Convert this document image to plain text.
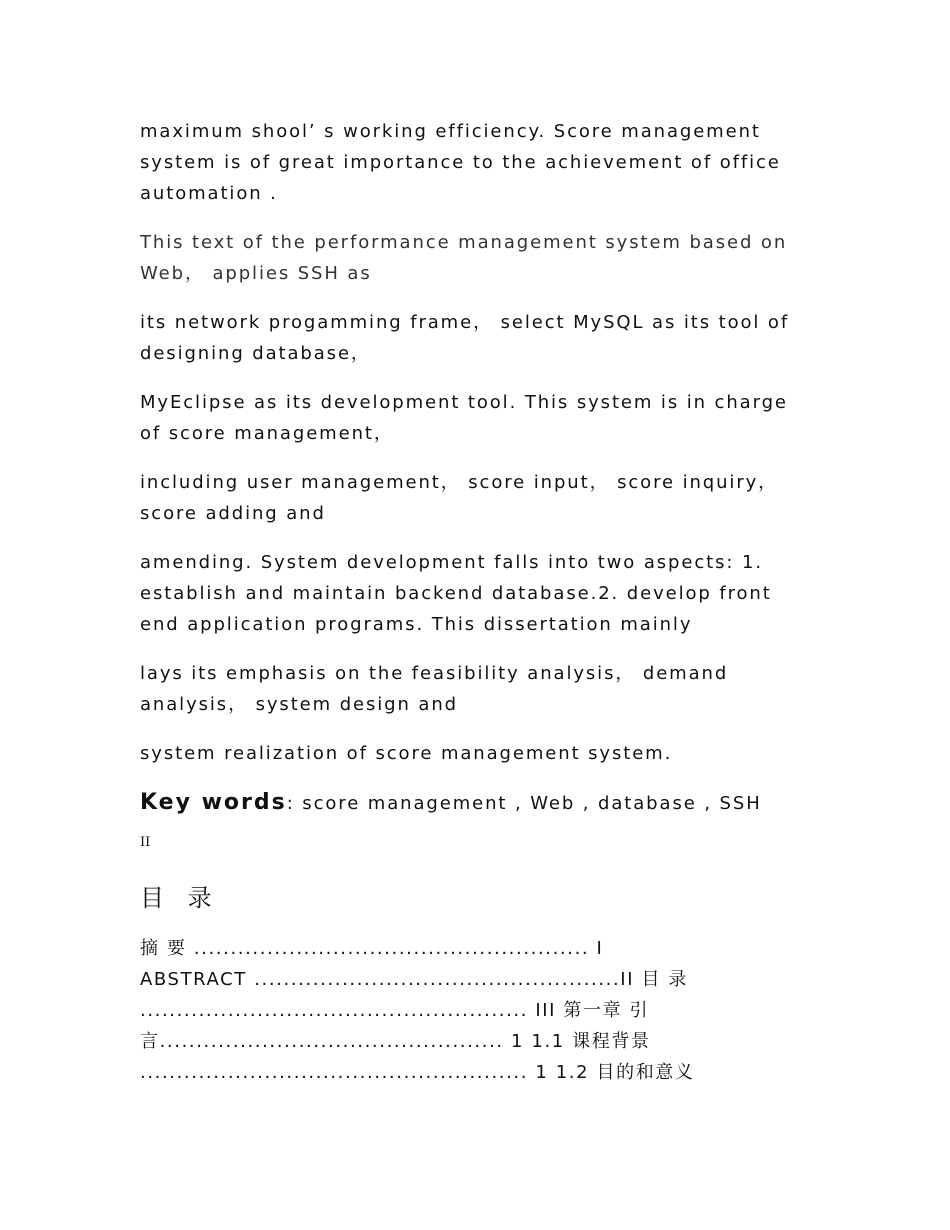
maximum shool’ s working efficiency. Score management
system is of great importance to the achievement of office
automation .

This text of the performance management system based on
Web， applies SSH as

its network progamming frame， select MySQL as its tool of
designing database，

MyEclipse as its development tool. This system is in charge
of score management，

including user management， score input， score inquiry，
score adding and

amending. System development falls into two aspects: 1.
establish and maintain backend database.2. develop front
end application programs. This dissertation mainly

lays its emphasis on the feasibility analysis， demand
analysis， system design and

system realization of score management system.

Key words: score management , Web , database , SSH

II
目 录
摘 要 ...................................................... I
ABSTRACT ..................................................II 目 录
..................................................... III 第一章 引
言............................................... 1 1.1 课程背景
..................................................... 1 1.2 目的和意义
